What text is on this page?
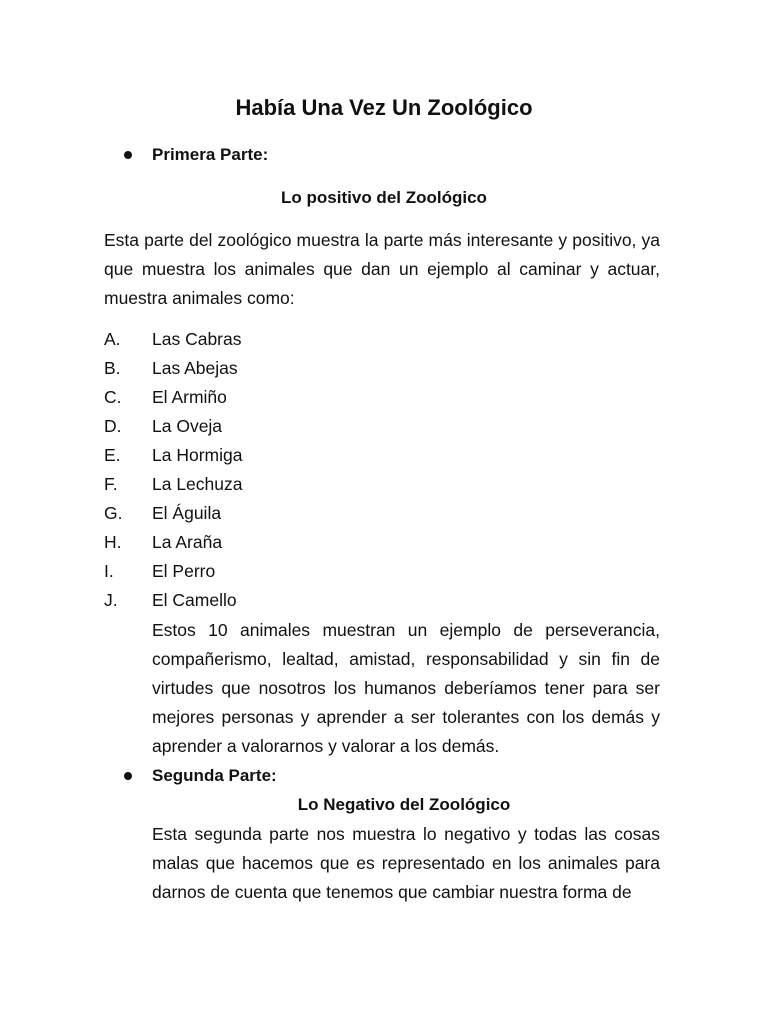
Había Una Vez Un Zoológico
Primera Parte:
Lo positivo del Zoológico

Esta parte del zoológico muestra la parte más interesante y positivo, ya que muestra los animales que dan un ejemplo al caminar y actuar, muestra animales como:

A.	Las Cabras
B.	Las Abejas
C.	El Armiño
D.	La Oveja
E.	La Hormiga
F.	La Lechuza
G.	El Águila
H.	La Araña
I.	El Perro
J.	El Camello

Estos 10 animales muestran un ejemplo de perseverancia, compañerismo, lealtad, amistad, responsabilidad y sin fin de virtudes que nosotros los humanos deberíamos tener para ser mejores personas y aprender a ser tolerantes con los demás y aprender a valorarnos y valorar a los demás.

Segunda Parte:
Lo Negativo del Zoológico

Esta segunda parte nos muestra lo negativo y todas las cosas malas que hacemos que es representado en los animales para darnos de cuenta que tenemos que cambiar nuestra forma de
